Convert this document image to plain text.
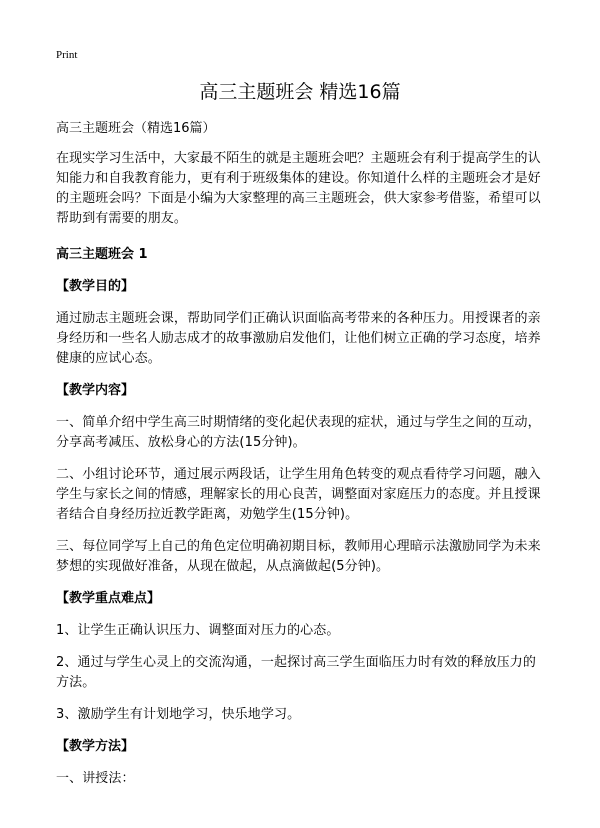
Print
高三主题班会 精选16篇

高三主题班会（精选16篇）

在现实学习生活中，大家最不陌生的就是主题班会吧？主题班会有利于提高学生的认知能力和自我教育能力，更有利于班级集体的建设。你知道什么样的主题班会才是好的主题班会吗？下面是小编为大家整理的高三主题班会，供大家参考借鉴，希望可以帮助到有需要的朋友。

高三主题班会 1

【教学目的】

通过励志主题班会课，帮助同学们正确认识面临高考带来的各种压力。用授课者的亲身经历和一些名人励志成才的故事激励启发他们，让他们树立正确的学习态度，培养健康的应试心态。

【教学内容】

一、简单介绍中学生高三时期情绪的变化起伏表现的症状，通过与学生之间的互动，分享高考减压、放松身心的方法(15分钟)。

二、小组讨论环节，通过展示两段话，让学生用角色转变的观点看待学习问题，融入学生与家长之间的情感，理解家长的用心良苦，调整面对家庭压力的态度。并且授课者结合自身经历拉近教学距离，劝勉学生(15分钟)。

三、每位同学写上自己的角色定位明确初期目标，教师用心理暗示法激励同学为未来梦想的实现做好准备，从现在做起，从点滴做起(5分钟)。

【教学重点难点】

1、让学生正确认识压力、调整面对压力的心态。

2、通过与学生心灵上的交流沟通，一起探讨高三学生面临压力时有效的释放压力的方法。

3、激励学生有计划地学习，快乐地学习。

【教学方法】

一、讲授法：
